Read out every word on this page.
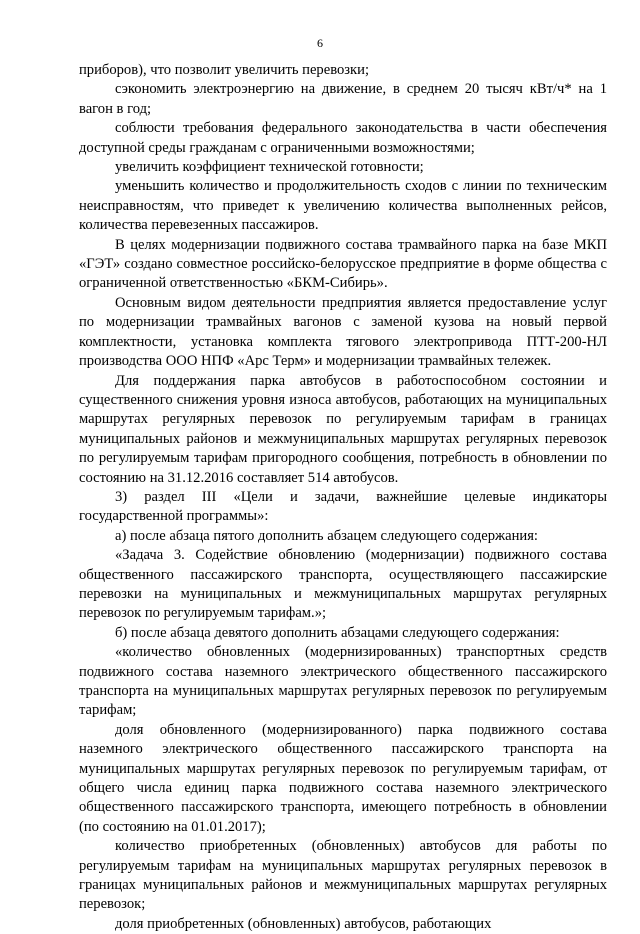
6

приборов), что позволит увеличить перевозки;

сэкономить электроэнергию на движение, в среднем 20 тысяч кВт/ч* на 1 вагон в год;

соблюсти требования федерального законодательства в части обеспечения доступной среды гражданам с ограниченными возможностями;

увеличить коэффициент технической готовности;

уменьшить количество и продолжительность сходов с линии по техническим неисправностям, что приведет к увеличению количества выполненных рейсов, количества перевезенных пассажиров.

В целях модернизации подвижного состава трамвайного парка на базе МКП «ГЭТ» создано совместное российско-белорусское предприятие в форме общества с ограниченной ответственностью «БКМ-Сибирь».

Основным видом деятельности предприятия является предоставление услуг по модернизации трамвайных вагонов с заменой кузова на новый первой комплектности, установка комплекта тягового электропривода ПТТ-200-НЛ производства ООО НПФ «Арс Терм» и модернизации трамвайных тележек.

Для поддержания парка автобусов в работоспособном состоянии и существенного снижения уровня износа автобусов, работающих на муниципальных маршрутах регулярных перевозок по регулируемым тарифам в границах муниципальных районов и межмуниципальных маршрутах регулярных перевозок по регулируемым тарифам пригородного сообщения, потребность в обновлении по состоянию на 31.12.2016 составляет 514 автобусов.

3) раздел III «Цели и задачи, важнейшие целевые индикаторы государственной программы»:

а) после абзаца пятого дополнить абзацем следующего содержания:

«Задача 3. Содействие обновлению (модернизации) подвижного состава общественного пассажирского транспорта, осуществляющего пассажирские перевозки на муниципальных и межмуниципальных маршрутах регулярных перевозок по регулируемым тарифам.»;

б) после абзаца девятого дополнить абзацами следующего содержания:

«количество обновленных (модернизированных) транспортных средств подвижного состава наземного электрического общественного пассажирского транспорта на муниципальных маршрутах регулярных перевозок по регулируемым тарифам;

доля обновленного (модернизированного) парка подвижного состава наземного электрического общественного пассажирского транспорта на муниципальных маршрутах регулярных перевозок по регулируемым тарифам, от общего числа единиц парка подвижного состава наземного электрического общественного пассажирского транспорта, имеющего потребность в обновлении (по состоянию на 01.01.2017);

количество приобретенных (обновленных) автобусов для работы по регулируемым тарифам на муниципальных маршрутах регулярных перевозок в границах муниципальных районов и межмуниципальных маршрутах регулярных перевозок;

доля приобретенных (обновленных) автобусов, работающих
